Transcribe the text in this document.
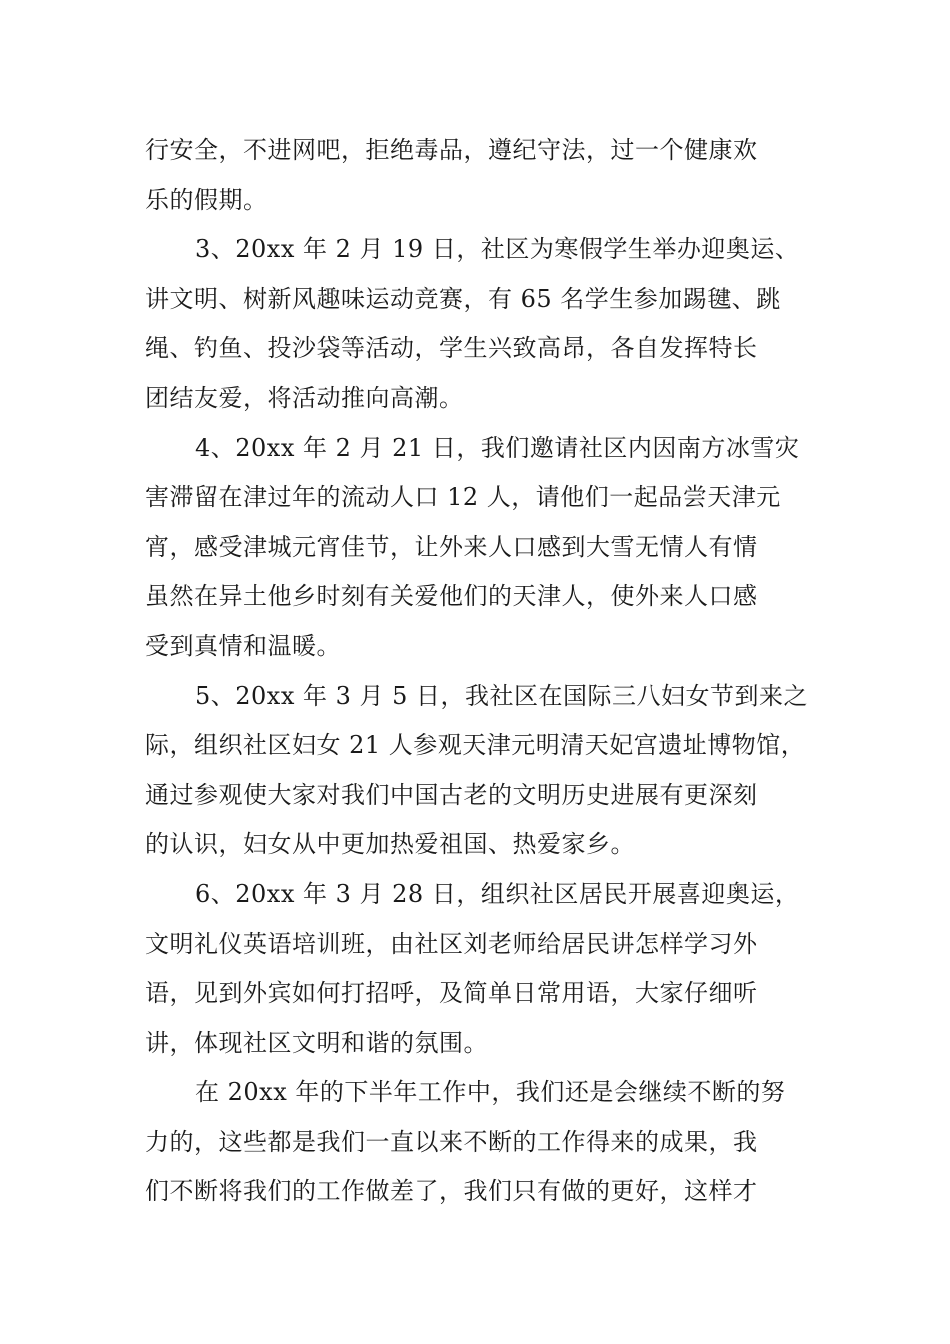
行安全，不进网吧，拒绝毒品，遵纪守法，过一个健康欢
乐的假期。
3、20xx 年 2 月 19 日，社区为寒假学生举办迎奥运、
讲文明、树新风趣味运动竞赛，有 65 名学生参加踢毽、跳
绳、钓鱼、投沙袋等活动，学生兴致高昂，各自发挥特长
团结友爱，将活动推向高潮。
4、20xx 年 2 月 21 日，我们邀请社区内因南方冰雪灾
害滞留在津过年的流动人口 12 人，请他们一起品尝天津元
宵，感受津城元宵佳节，让外来人口感到大雪无情人有情
虽然在异土他乡时刻有关爱他们的天津人，使外来人口感
受到真情和温暖。
5、20xx 年 3 月 5 日，我社区在国际三八妇女节到来之
际，组织社区妇女 21 人参观天津元明清天妃宫遗址博物馆，
通过参观使大家对我们中国古老的文明历史进展有更深刻
的认识，妇女从中更加热爱祖国、热爱家乡。
6、20xx 年 3 月 28 日，组织社区居民开展喜迎奥运，
文明礼仪英语培训班，由社区刘老师给居民讲怎样学习外
语，见到外宾如何打招呼，及简单日常用语，大家仔细听
讲，体现社区文明和谐的氛围。
在 20xx 年的下半年工作中，我们还是会继续不断的努
力的，这些都是我们一直以来不断的工作得来的成果，我
们不断将我们的工作做差了，我们只有做的更好，这样才
